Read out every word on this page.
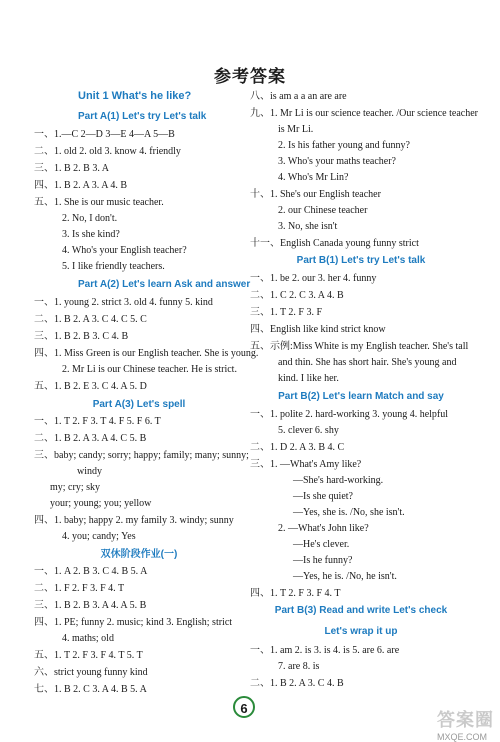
参考答案
Unit 1 What's he like?
Part A(1) Let's try Let's talk
一、1.—C 2—D 3—E 4—A 5—B
二、1. old 2. old 3. know 4. friendly
三、1. B 2. B 3. A
四、1. B 2. A 3. A 4. B
五、1. She is our music teacher.
2. No, I don't.
3. Is she kind?
4. Who's your English teacher?
5. I like friendly teachers.
Part A(2) Let's learn Ask and answer
一、1. young 2. strict 3. old 4. funny 5. kind
二、1. B 2. A 3. C 4. C 5. C
三、1. B 2. B 3. C 4. B
四、1. Miss Green is our English teacher. She is young.
2. Mr Li is our Chinese teacher. He is strict.
五、1. B 2. E 3. C 4. A 5. D
Part A(3) Let's spell
一、1. T 2. F 3. T 4. F 5. F 6. T
二、1. B 2. A 3. A 4. C 5. B
三、baby; candy; sorry; happy; family; many; sunny;
windy
my; cry; sky
your; young; you; yellow
四、1. baby; happy 2. my family 3. windy; sunny
4. you; candy; Yes
双休阶段作业(一)
一、1. A 2. B 3. C 4. B 5. A
二、1. F 2. F 3. F 4. T
三、1. B 2. B 3. A 4. A 5. B
四、1. PE; funny 2. music; kind 3. English; strict
4. maths; old
五、1. T 2. F 3. F 4. T 5. T
六、strict young funny kind
七、1. B 2. C 3. A 4. B 5. A
八、is am a a an are are
九、1. Mr Li is our science teacher. /Our science teacher
is Mr Li.
2. Is his father young and funny?
3. Who's your maths teacher?
4. Who's Mr Lin?
十、1. She's our English teacher
2. our Chinese teacher
3. No, she isn't
十一、English Canada young funny strict
Part B(1) Let's try Let's talk
一、1. be 2. our 3. her 4. funny
二、1. C 2. C 3. A 4. B
三、1. T 2. F 3. F
四、English like kind strict know
五、示例:Miss White is my English teacher. She's tall
and thin. She has short hair. She's young and
kind. I like her.
Part B(2) Let's learn Match and say
一、1. polite 2. hard-working 3. young 4. helpful
5. clever 6. shy
二、1. D 2. A 3. B 4. C
三、1. —What's Amy like?
—She's hard-working.
—Is she quiet?
—Yes, she is. /No, she isn't.
2. —What's John like?
—He's clever.
—Is he funny?
—Yes, he is. /No, he isn't.
四、1. T 2. F 3. F 4. T
Part B(3) Read and write Let's check
Let's wrap it up
一、1. am 2. is 3. is 4. is 5. are 6. are
7. are 8. is
二、1. B 2. A 3. C 4. B
6
答案圈
MXQE.COM
